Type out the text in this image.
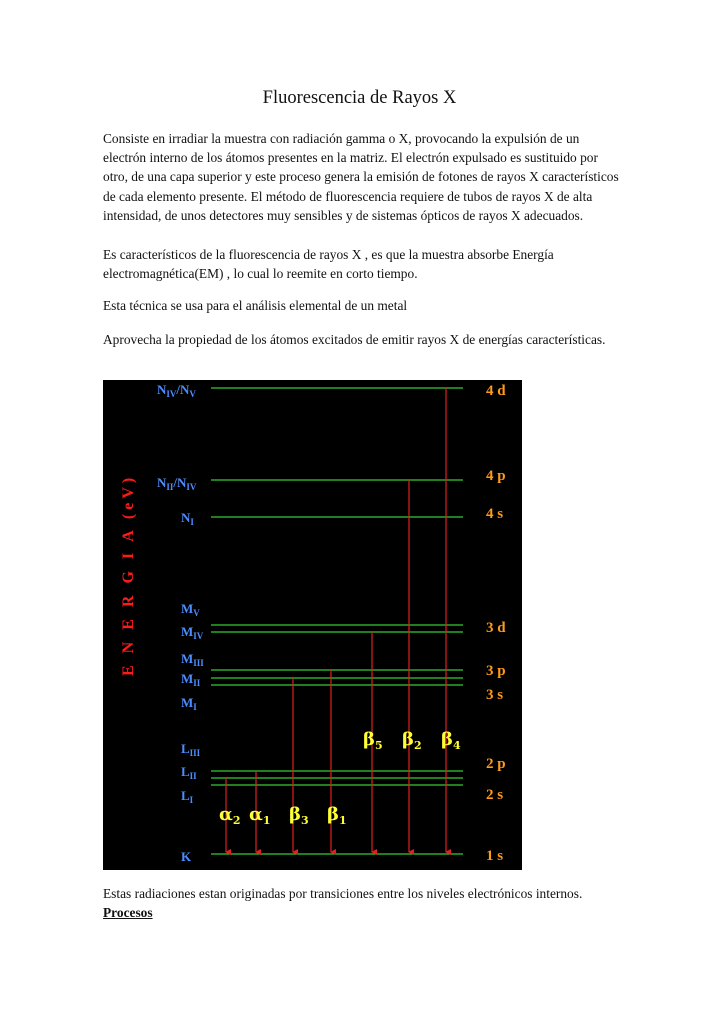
Fluorescencia de Rayos X

Consiste en irradiar la muestra con radiación gamma o X, provocando la expulsión de un electrón interno de los átomos presentes en la matriz. El electrón expulsado es sustituido por otro, de una capa superior y este proceso genera la emisión de fotones de rayos X característicos de cada elemento presente. El método de fluorescencia requiere de tubos de rayos X de alta intensidad, de unos detectores muy sensibles y de sistemas ópticos de rayos X adecuados.

Es característicos de la fluorescencia de rayos X , es que la muestra absorbe Energía electromagnética(EM) , lo cual lo reemite en corto tiempo.

Esta técnica se usa para el análisis elemental de un metal

Aprovecha la propiedad de los átomos excitados de emitir rayos X de energías características.

$N_{IV}/N_V$
$N_{II}/N_{IV}$
$N_I$
$M_V$
$M_{IV}$
$M_{III}$
$M_{II}$
$M_I$
$L_{III}$
$L_{II}$
$L_I$
K
4 d
4 p
4 s
3 d
3 p
3 s
2 p
2 s
1 s
$\alpha_2$ $\alpha_1$ $\beta_3$ $\beta_1$
$\beta_5$ $\beta_2$ $\beta_4$
E N E R G I A (eV)
Estas radiaciones estan originadas por transiciones entre los niveles electrónicos internos.
Procesos
